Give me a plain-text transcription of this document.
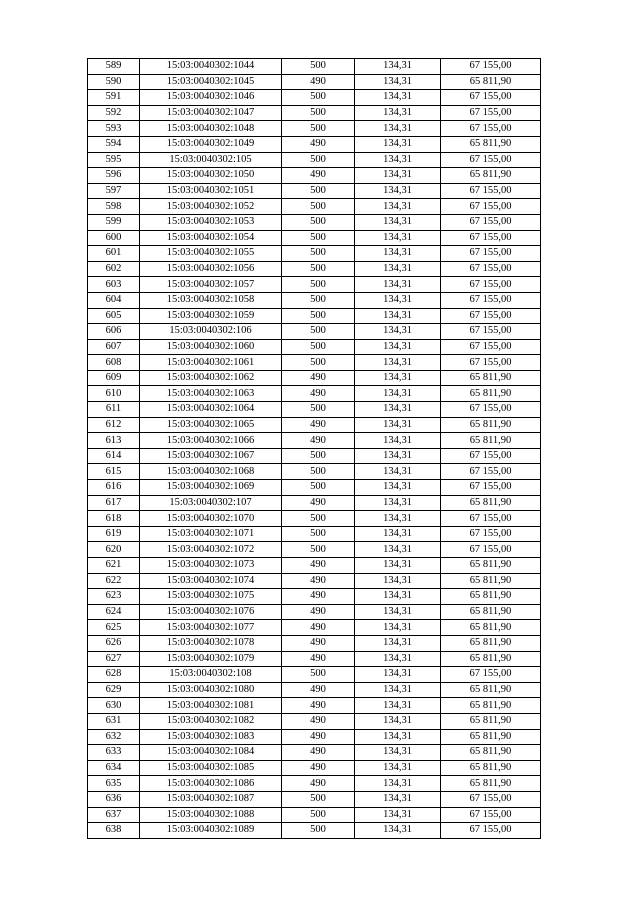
589	15:03:0040302:1044	500	134,31	67 155,00
590	15:03:0040302:1045	490	134,31	65 811,90
591	15:03:0040302:1046	500	134,31	67 155,00
592	15:03:0040302:1047	500	134,31	67 155,00
593	15:03:0040302:1048	500	134,31	67 155,00
594	15:03:0040302:1049	490	134,31	65 811,90
595	15:03:0040302:105	500	134,31	67 155,00
596	15:03:0040302:1050	490	134,31	65 811,90
597	15:03:0040302:1051	500	134,31	67 155,00
598	15:03:0040302:1052	500	134,31	67 155,00
599	15:03:0040302:1053	500	134,31	67 155,00
600	15:03:0040302:1054	500	134,31	67 155,00
601	15:03:0040302:1055	500	134,31	67 155,00
602	15:03:0040302:1056	500	134,31	67 155,00
603	15:03:0040302:1057	500	134,31	67 155,00
604	15:03:0040302:1058	500	134,31	67 155,00
605	15:03:0040302:1059	500	134,31	67 155,00
606	15:03:0040302:106	500	134,31	67 155,00
607	15:03:0040302:1060	500	134,31	67 155,00
608	15:03:0040302:1061	500	134,31	67 155,00
609	15:03:0040302:1062	490	134,31	65 811,90
610	15:03:0040302:1063	490	134,31	65 811,90
611	15:03:0040302:1064	500	134,31	67 155,00
612	15:03:0040302:1065	490	134,31	65 811,90
613	15:03:0040302:1066	490	134,31	65 811,90
614	15:03:0040302:1067	500	134,31	67 155,00
615	15:03:0040302:1068	500	134,31	67 155,00
616	15:03:0040302:1069	500	134,31	67 155,00
617	15:03:0040302:107	490	134,31	65 811,90
618	15:03:0040302:1070	500	134,31	67 155,00
619	15:03:0040302:1071	500	134,31	67 155,00
620	15:03:0040302:1072	500	134,31	67 155,00
621	15:03:0040302:1073	490	134,31	65 811,90
622	15:03:0040302:1074	490	134,31	65 811,90
623	15:03:0040302:1075	490	134,31	65 811,90
624	15:03:0040302:1076	490	134,31	65 811,90
625	15:03:0040302:1077	490	134,31	65 811,90
626	15:03:0040302:1078	490	134,31	65 811,90
627	15:03:0040302:1079	490	134,31	65 811,90
628	15:03:0040302:108	500	134,31	67 155,00
629	15:03:0040302:1080	490	134,31	65 811,90
630	15:03:0040302:1081	490	134,31	65 811,90
631	15:03:0040302:1082	490	134,31	65 811,90
632	15:03:0040302:1083	490	134,31	65 811,90
633	15:03:0040302:1084	490	134,31	65 811,90
634	15:03:0040302:1085	490	134,31	65 811,90
635	15:03:0040302:1086	490	134,31	65 811,90
636	15:03:0040302:1087	500	134,31	67 155,00
637	15:03:0040302:1088	500	134,31	67 155,00
638	15:03:0040302:1089	500	134,31	67 155,00
